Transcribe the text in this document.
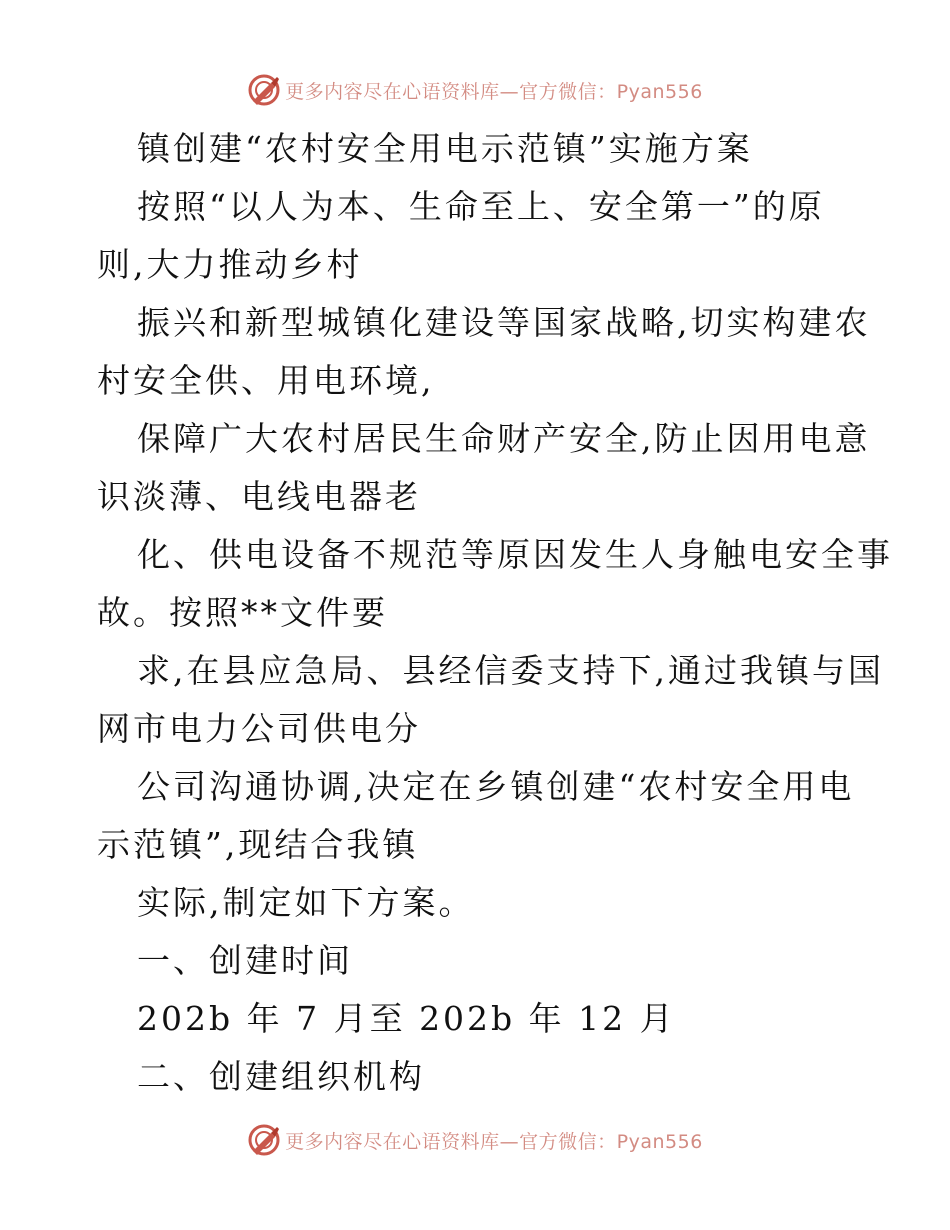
更多内容尽在心语资料库—官方微信：Pyan556
镇创建“农村安全用电示范镇”实施方案
按照“以人为本、生命至上、安全第一”的原
则,大力推动乡村
振兴和新型城镇化建设等国家战略,切实构建农
村安全供、用电环境,
保障广大农村居民生命财产安全,防止因用电意
识淡薄、电线电器老
化、供电设备不规范等原因发生人身触电安全事
故。按照**文件要
求,在县应急局、县经信委支持下,通过我镇与国
网市电力公司供电分
公司沟通协调,决定在乡镇创建“农村安全用电
示范镇”,现结合我镇
实际,制定如下方案。
一、创建时间
202b 年 7 月至 202b 年 12 月
二、创建组织机构
更多内容尽在心语资料库—官方微信：Pyan556
